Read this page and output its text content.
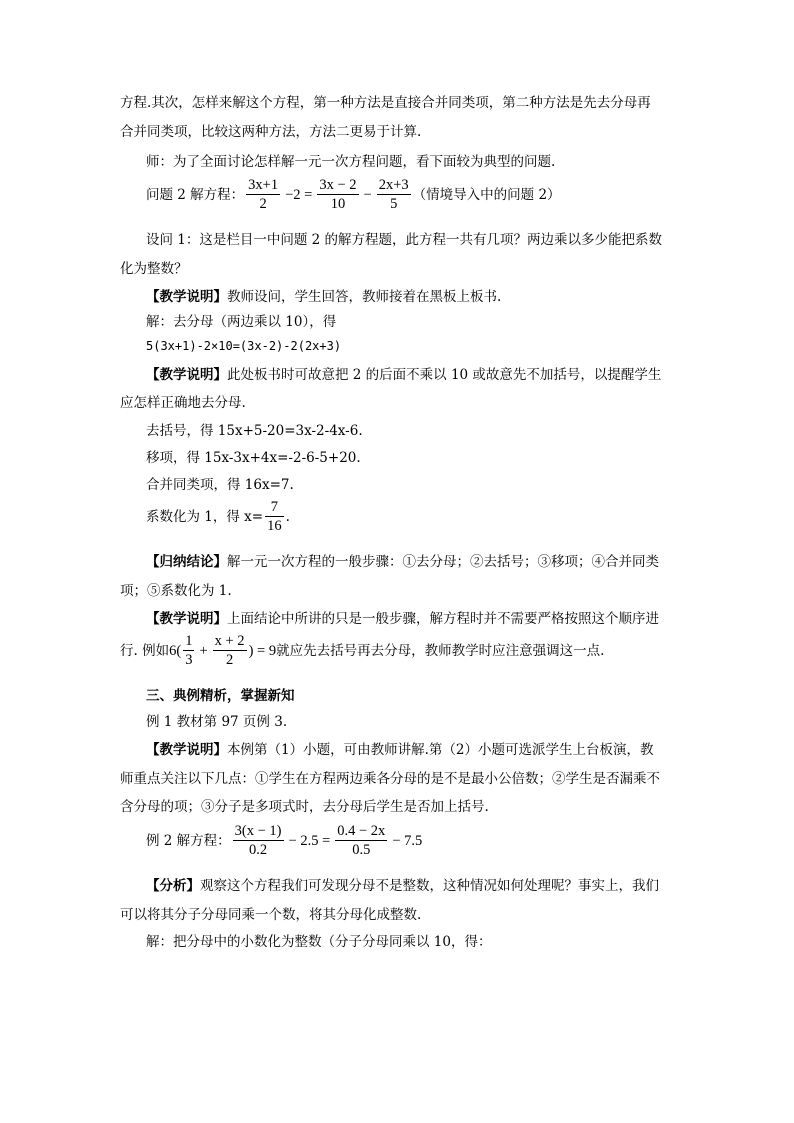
方程.其次，怎样来解这个方程，第一种方法是直接合并同类项，第二种方法是先去分母再
合并同类项，比较这两种方法，方法二更易于计算.
师：为了全面讨论怎样解一元一次方程问题，看下面较为典型的问题.
问题 2 解方程： $\frac{3x+1}{2} -2 = \frac{3x - 2}{10} - \frac{2x+3}{5}$ （情境导入中的问题 2）
设问 1：这是栏目一中问题 2 的解方程题，此方程一共有几项？两边乘以多少能把系数
化为整数？
【教学说明】教师设问，学生回答，教师接着在黑板上板书.
解：去分母（两边乘以 10），得
5(3x+1)-2×10=(3x-2)-2(2x+3)
【教学说明】此处板书时可故意把 2 的后面不乘以 10 或故意先不加括号，以提醒学生
应怎样正确地去分母.
去括号，得 15x+5-20=3x-2-4x-6.
移项，得 15x-3x+4x=-2-6-5+20.
合并同类项，得 16x=7.
系数化为 1，得 $x= \frac{7}{16}$ .
【归纳结论】解一元一次方程的一般步骤：①去分母；②去括号；③移项；④合并同类
项；⑤系数化为 1.
【教学说明】上面结论中所讲的只是一般步骤，解方程时并不需要严格按照这个顺序进
行. 例如 $6( \frac{1}{3} + \frac{x + 2}{2}$ ) = 9 就应先去括号再去分母，教师教学时应注意强调这一点.
三、典例精析，掌握新知
例 1 教材第 97 页例 3.
【教学说明】本例第（1）小题，可由教师讲解.第（2）小题可选派学生上台板演，教
师重点关注以下几点：①学生在方程两边乘各分母的是不是最小公倍数；②学生是否漏乘不
含分母的项；③分子是多项式时，去分母后学生是否加上括号.
例 2 解方程： $\frac{3(x - 1)}{0.2} - 2.5 = \frac{0.4 - 2x}{0.5} - 7.5$
【分析】观察这个方程我们可发现分母不是整数，这种情况如何处理呢？事实上，我们
可以将其分子分母同乘一个数，将其分母化成整数.
解：把分母中的小数化为整数（分子分母同乘以 10，得：
